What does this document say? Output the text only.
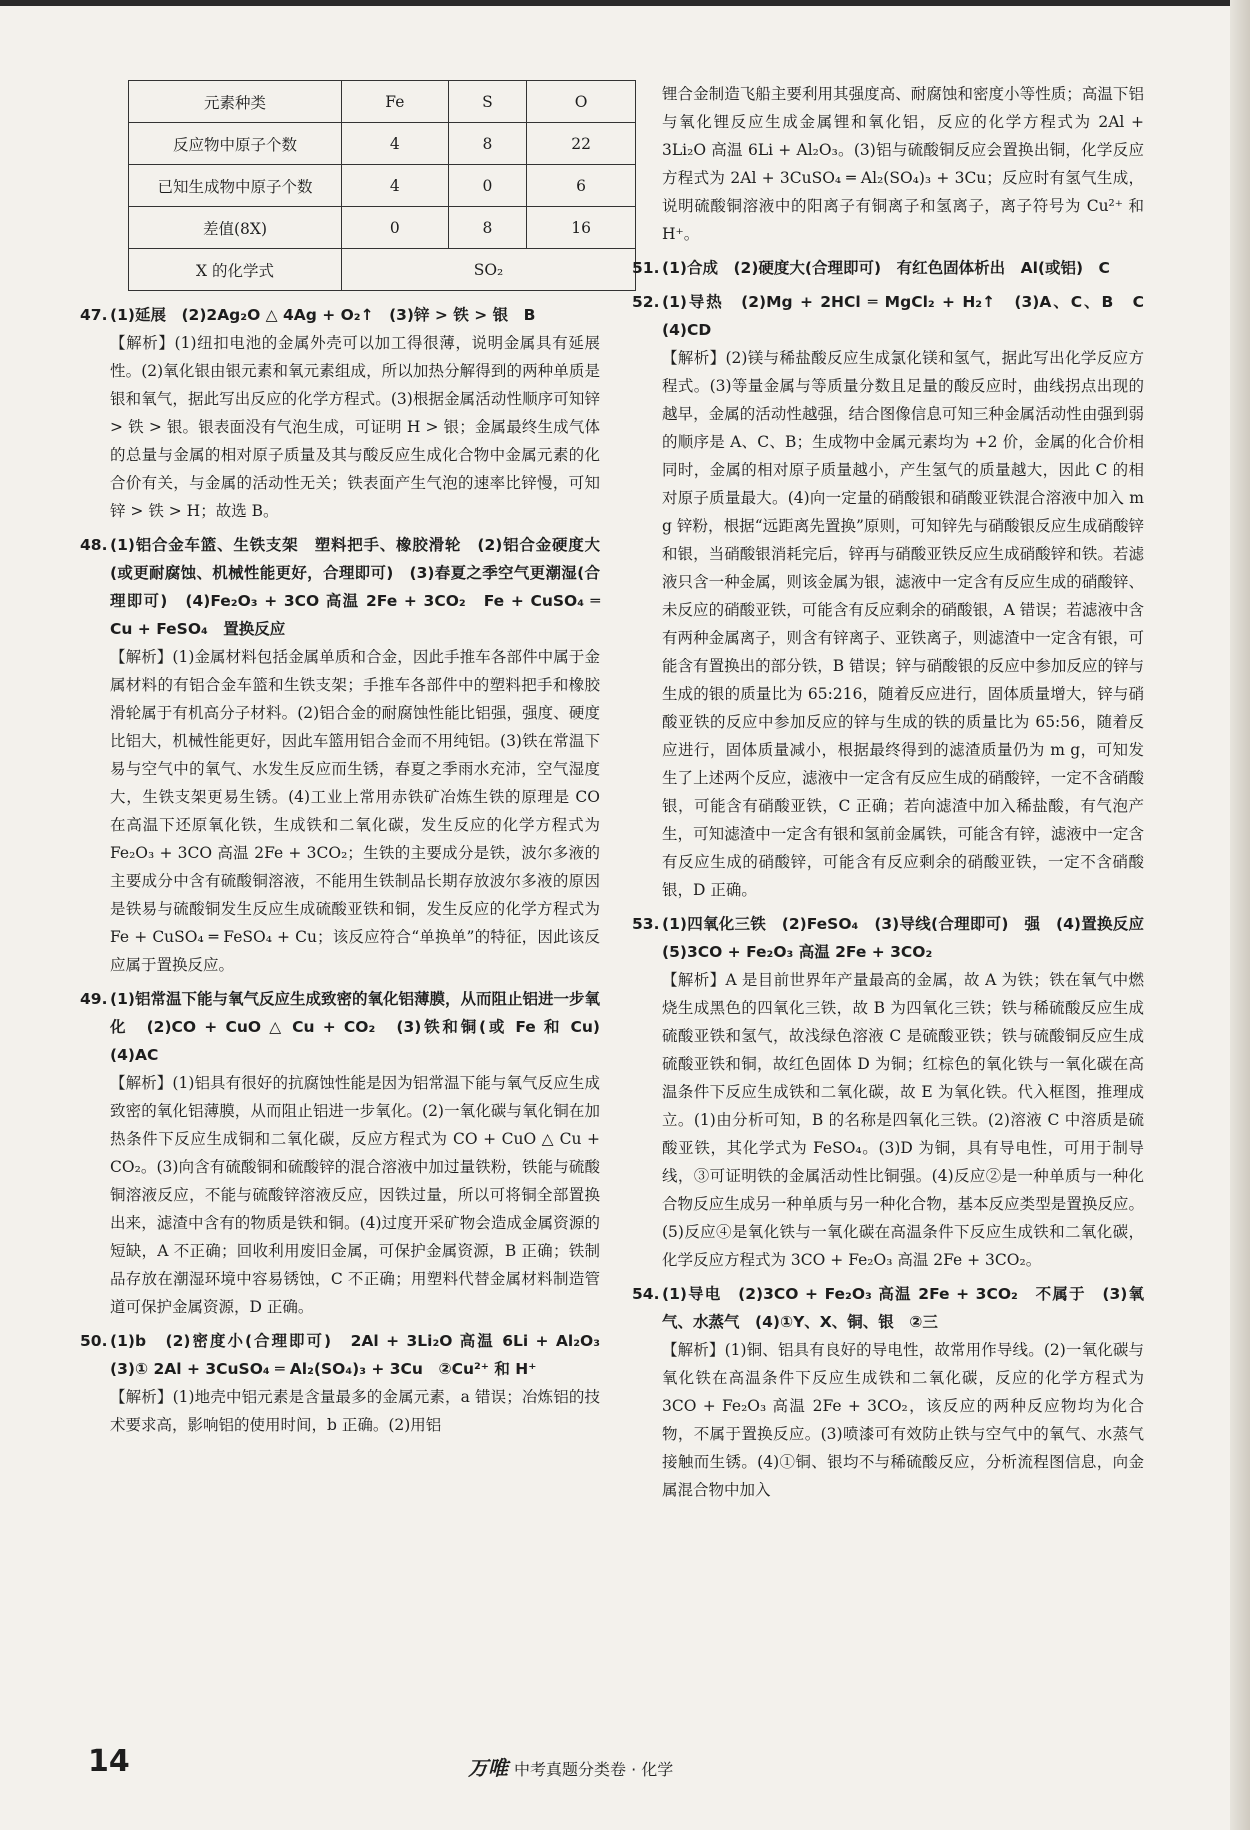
元素种类	Fe	S	O
反应物中原子个数	4	8	22
已知生成物中原子个数	4	0	6
差值(8X)	0	8	16
X 的化学式	SO₂		
47. (1)延展　(2)2Ag₂O △ 4Ag + O₂↑　(3)锌 > 铁 > 银　B
【解析】(1)纽扣电池的金属外壳可以加工得很薄，说明金属具有延展性。(2)氧化银由银元素和氧元素组成，所以加热分解得到的两种单质是银和氧气，据此写出反应的化学方程式。(3)根据金属活动性顺序可知锌 > 铁 > 银。银表面没有气泡生成，可证明 H > 银；金属最终生成气体的总量与金属的相对原子质量及其与酸反应生成化合物中金属元素的化合价有关，与金属的活动性无关；铁表面产生气泡的速率比锌慢，可知锌 > 铁 > H；故选 B。
48. (1)铝合金车篮、生铁支架　塑料把手、橡胶滑轮　(2)铝合金硬度大(或更耐腐蚀、机械性能更好，合理即可)　(3)春夏之季空气更潮湿(合理即可)　(4)Fe₂O₃ + 3CO 高温 2Fe + 3CO₂　Fe + CuSO₄ ═ Cu + FeSO₄　置换反应
【解析】(1)金属材料包括金属单质和合金，因此手推车各部件中属于金属材料的有铝合金车篮和生铁支架；手推车各部件中的塑料把手和橡胶滑轮属于有机高分子材料。(2)铝合金的耐腐蚀性能比铝强，强度、硬度比铝大，机械性能更好，因此车篮用铝合金而不用纯铝。(3)铁在常温下易与空气中的氧气、水发生反应而生锈，春夏之季雨水充沛，空气湿度大，生铁支架更易生锈。(4)工业上常用赤铁矿冶炼生铁的原理是 CO 在高温下还原氧化铁，生成铁和二氧化碳，发生反应的化学方程式为 Fe₂O₃ + 3CO 高温 2Fe + 3CO₂；生铁的主要成分是铁，波尔多液的主要成分中含有硫酸铜溶液，不能用生铁制品长期存放波尔多液的原因是铁易与硫酸铜发生反应生成硫酸亚铁和铜，发生反应的化学方程式为 Fe + CuSO₄ ═ FeSO₄ + Cu；该反应符合“单换单”的特征，因此该反应属于置换反应。
49. (1)铝常温下能与氧气反应生成致密的氧化铝薄膜，从而阻止铝进一步氧化　(2)CO + CuO △ Cu + CO₂　(3)铁和铜(或 Fe 和 Cu)　(4)AC
【解析】(1)铝具有很好的抗腐蚀性能是因为铝常温下能与氧气反应生成致密的氧化铝薄膜，从而阻止铝进一步氧化。(2)一氧化碳与氧化铜在加热条件下反应生成铜和二氧化碳，反应方程式为 CO + CuO △ Cu + CO₂。(3)向含有硫酸铜和硫酸锌的混合溶液中加过量铁粉，铁能与硫酸铜溶液反应，不能与硫酸锌溶液反应，因铁过量，所以可将铜全部置换出来，滤渣中含有的物质是铁和铜。(4)过度开采矿物会造成金属资源的短缺，A 不正确；回收利用废旧金属，可保护金属资源，B 正确；铁制品存放在潮湿环境中容易锈蚀，C 不正确；用塑料代替金属材料制造管道可保护金属资源，D 正确。
50. (1)b　(2)密度小(合理即可)　2Al + 3Li₂O 高温 6Li + Al₂O₃　(3)① 2Al + 3CuSO₄ ═ Al₂(SO₄)₃ + 3Cu　②Cu²⁺ 和 H⁺
【解析】(1)地壳中铝元素是含量最多的金属元素，a 错误；冶炼铝的技术要求高，影响铝的使用时间，b 正确。(2)用铝
锂合金制造飞船主要利用其强度高、耐腐蚀和密度小等性质；高温下铝与氧化锂反应生成金属锂和氧化铝，反应的化学方程式为 2Al + 3Li₂O 高温 6Li + Al₂O₃。(3)铝与硫酸铜反应会置换出铜，化学反应方程式为 2Al + 3CuSO₄ ═ Al₂(SO₄)₃ + 3Cu；反应时有氢气生成，说明硫酸铜溶液中的阳离子有铜离子和氢离子，离子符号为 Cu²⁺ 和 H⁺。
51. (1)合成　(2)硬度大(合理即可)　有红色固体析出　Al(或铝)　C
52. (1)导热　(2)Mg + 2HCl ═ MgCl₂ + H₂↑　(3)A、C、B　C　(4)CD
【解析】(2)镁与稀盐酸反应生成氯化镁和氢气，据此写出化学反应方程式。(3)等量金属与等质量分数且足量的酸反应时，曲线拐点出现的越早，金属的活动性越强，结合图像信息可知三种金属活动性由强到弱的顺序是 A、C、B；生成物中金属元素均为 +2 价，金属的化合价相同时，金属的相对原子质量越小，产生氢气的质量越大，因此 C 的相对原子质量最大。(4)向一定量的硝酸银和硝酸亚铁混合溶液中加入 m g 锌粉，根据“远距离先置换”原则，可知锌先与硝酸银反应生成硝酸锌和银，当硝酸银消耗完后，锌再与硝酸亚铁反应生成硝酸锌和铁。若滤液只含一种金属，则该金属为银，滤液中一定含有反应生成的硝酸锌、未反应的硝酸亚铁，可能含有反应剩余的硝酸银，A 错误；若滤液中含有两种金属离子，则含有锌离子、亚铁离子，则滤渣中一定含有银，可能含有置换出的部分铁，B 错误；锌与硝酸银的反应中参加反应的锌与生成的银的质量比为 65:216，随着反应进行，固体质量增大，锌与硝酸亚铁的反应中参加反应的锌与生成的铁的质量比为 65:56，随着反应进行，固体质量减小，根据最终得到的滤渣质量仍为 m g，可知发生了上述两个反应，滤液中一定含有反应生成的硝酸锌，一定不含硝酸银，可能含有硝酸亚铁，C 正确；若向滤渣中加入稀盐酸，有气泡产生，可知滤渣中一定含有银和氢前金属铁，可能含有锌，滤液中一定含有反应生成的硝酸锌，可能含有反应剩余的硝酸亚铁，一定不含硝酸银，D 正确。
53. (1)四氧化三铁　(2)FeSO₄　(3)导线(合理即可)　强　(4)置换反应　(5)3CO + Fe₂O₃ 高温 2Fe + 3CO₂
【解析】A 是目前世界年产量最高的金属，故 A 为铁；铁在氧气中燃烧生成黑色的四氧化三铁，故 B 为四氧化三铁；铁与稀硫酸反应生成硫酸亚铁和氢气，故浅绿色溶液 C 是硫酸亚铁；铁与硫酸铜反应生成硫酸亚铁和铜，故红色固体 D 为铜；红棕色的氧化铁与一氧化碳在高温条件下反应生成铁和二氧化碳，故 E 为氧化铁。代入框图，推理成立。(1)由分析可知，B 的名称是四氧化三铁。(2)溶液 C 中溶质是硫酸亚铁，其化学式为 FeSO₄。(3)D 为铜，具有导电性，可用于制导线，③可证明铁的金属活动性比铜强。(4)反应②是一种单质与一种化合物反应生成另一种单质与另一种化合物，基本反应类型是置换反应。(5)反应④是氧化铁与一氧化碳在高温条件下反应生成铁和二氧化碳，化学反应方程式为 3CO + Fe₂O₃ 高温 2Fe + 3CO₂。
54. (1)导电　(2)3CO + Fe₂O₃ 高温 2Fe + 3CO₂　不属于　(3)氧气、水蒸气　(4)①Y、X、铜、银　②三
【解析】(1)铜、铝具有良好的导电性，故常用作导线。(2)一氧化碳与氧化铁在高温条件下反应生成铁和二氧化碳，反应的化学方程式为 3CO + Fe₂O₃ 高温 2Fe + 3CO₂，该反应的两种反应物均为化合物，不属于置换反应。(3)喷漆可有效防止铁与空气中的氧气、水蒸气接触而生锈。(4)①铜、银均不与稀硫酸反应，分析流程图信息，向金属混合物中加入
14	万唯 中考真题分类卷 · 化学
